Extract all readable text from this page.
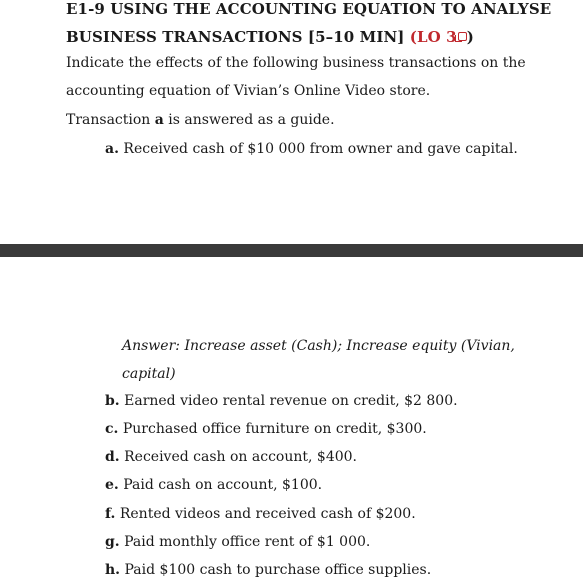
E1-9 USING THE ACCOUNTING EQUATION TO ANALYSE
BUSINESS TRANSACTIONS [5–10 MIN] (LO 3 )
Indicate the effects of the following business transactions on the
accounting equation of Vivian’s Online Video store.
Transaction a is answered as a guide.
a. Received cash of $10 000 from owner and gave capital.
Answer: Increase asset (Cash); Increase equity (Vivian,
capital)
b. Earned video rental revenue on credit, $2 800.
c. Purchased office furniture on credit, $300.
d. Received cash on account, $400.
e. Paid cash on account, $100.
f. Rented videos and received cash of $200.
g. Paid monthly office rent of $1 000.
h. Paid $100 cash to purchase office supplies.
